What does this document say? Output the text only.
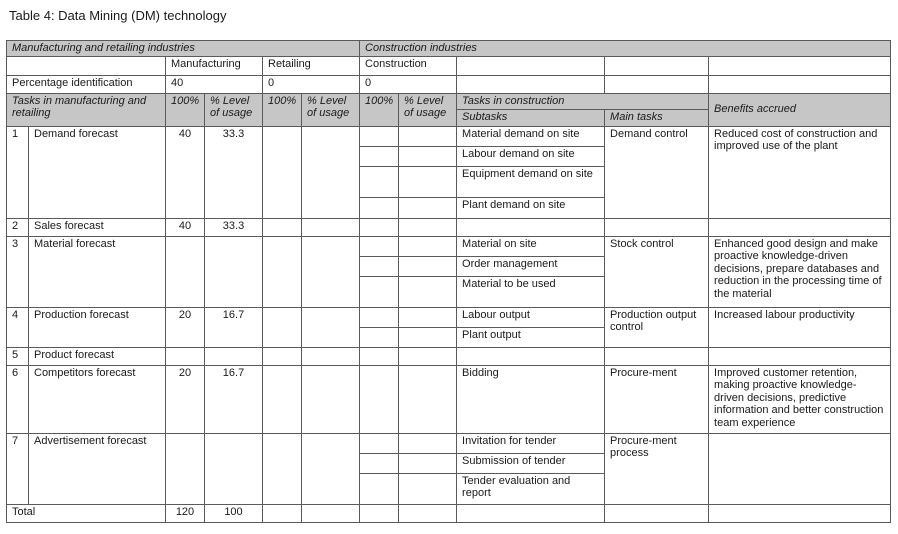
Table 4: Data Mining (DM) technology
Manufacturing and retailing industries						Construction industries				
		Manufacturing		Retailing		Construction				
Percentage identification		40		0		0				
Tasks in manufacturing and retailing		100%	% Level of usage	100%	% Level of usage	100%	% Level of usage	Tasks in construction		Benefits accrued
								Subtasks	Main tasks	
1	Demand forecast	40	33.3					Material demand on site	Demand control	Reduced cost of construction and improved use of the plant
								Labour demand on site		
								Equipment demand on site		
								Plant demand on site		
2	Sales forecast	40	33.3							
3	Material forecast							Material on site	Stock control	Enhanced good design and make proactive knowledge-driven decisions, prepare databases and reduction in the processing time of the material
								Order management		
								Material to be used		
4	Production forecast	20	16.7					Labour output	Production output control	Increased labour productivity
								Plant output		
5	Product forecast									
6	Competitors forecast	20	16.7					Bidding	Procure-ment	Improved customer retention, making proactive knowledge-driven decisions, predictive information and better construction team experience
7	Advertisement forecast							Invitation for tender	Procure-ment process	
								Submission of tender		
								Tender evaluation and report		
Total		120	100							
